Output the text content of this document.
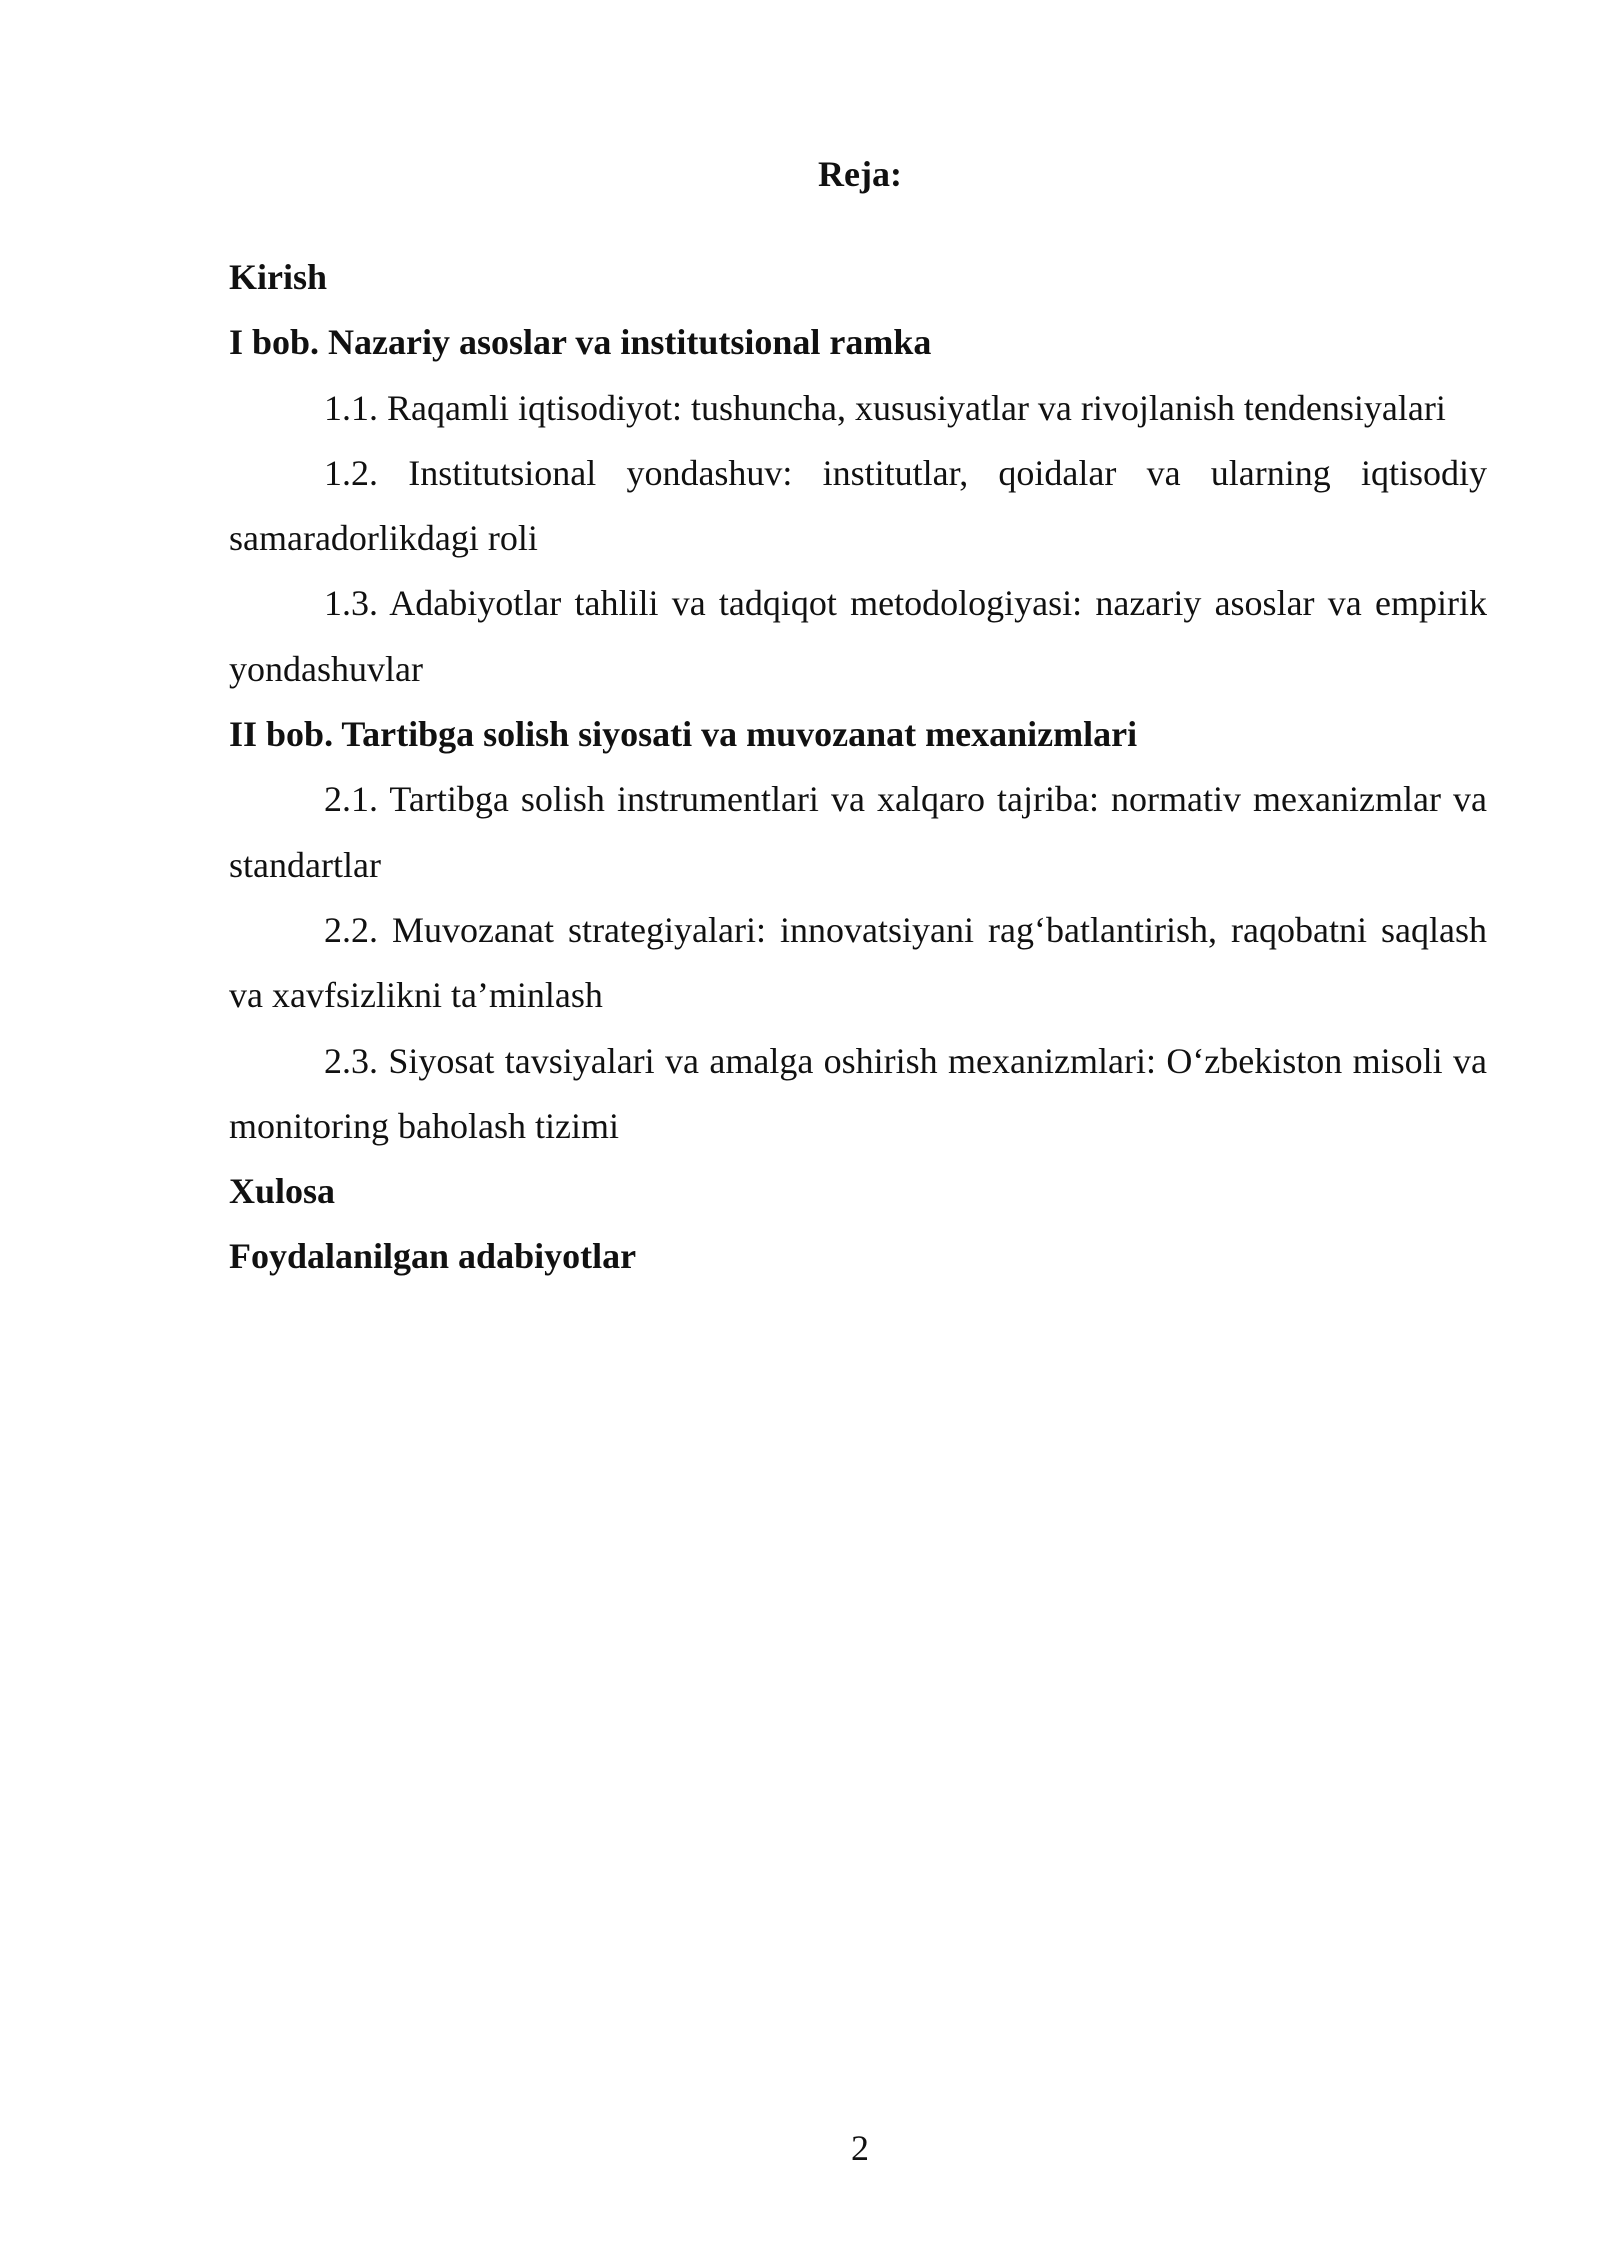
Reja:

Kirish

I bob. Nazariy asoslar va institutsional ramka

1.1. Raqamli iqtisodiyot: tushuncha, xususiyatlar va rivojlanish tendensiyalari

1.2. Institutsional yondashuv: institutlar, qoidalar va ularning iqtisodiy samaradorlikdagi roli

1.3. Adabiyotlar tahlili va tadqiqot metodologiyasi: nazariy asoslar va empirik yondashuvlar

II bob. Tartibga solish siyosati va muvozanat mexanizmlari

2.1. Tartibga solish instrumentlari va xalqaro tajriba: normativ mexanizmlar va standartlar

2.2. Muvozanat strategiyalari: innovatsiyani rag‘batlantirish, raqobatni saqlash va xavfsizlikni ta’minlash

2.3. Siyosat tavsiyalari va amalga oshirish mexanizmlari: O‘zbekiston misoli va monitoring baholash tizimi

Xulosa

Foydalanilgan adabiyotlar

2
